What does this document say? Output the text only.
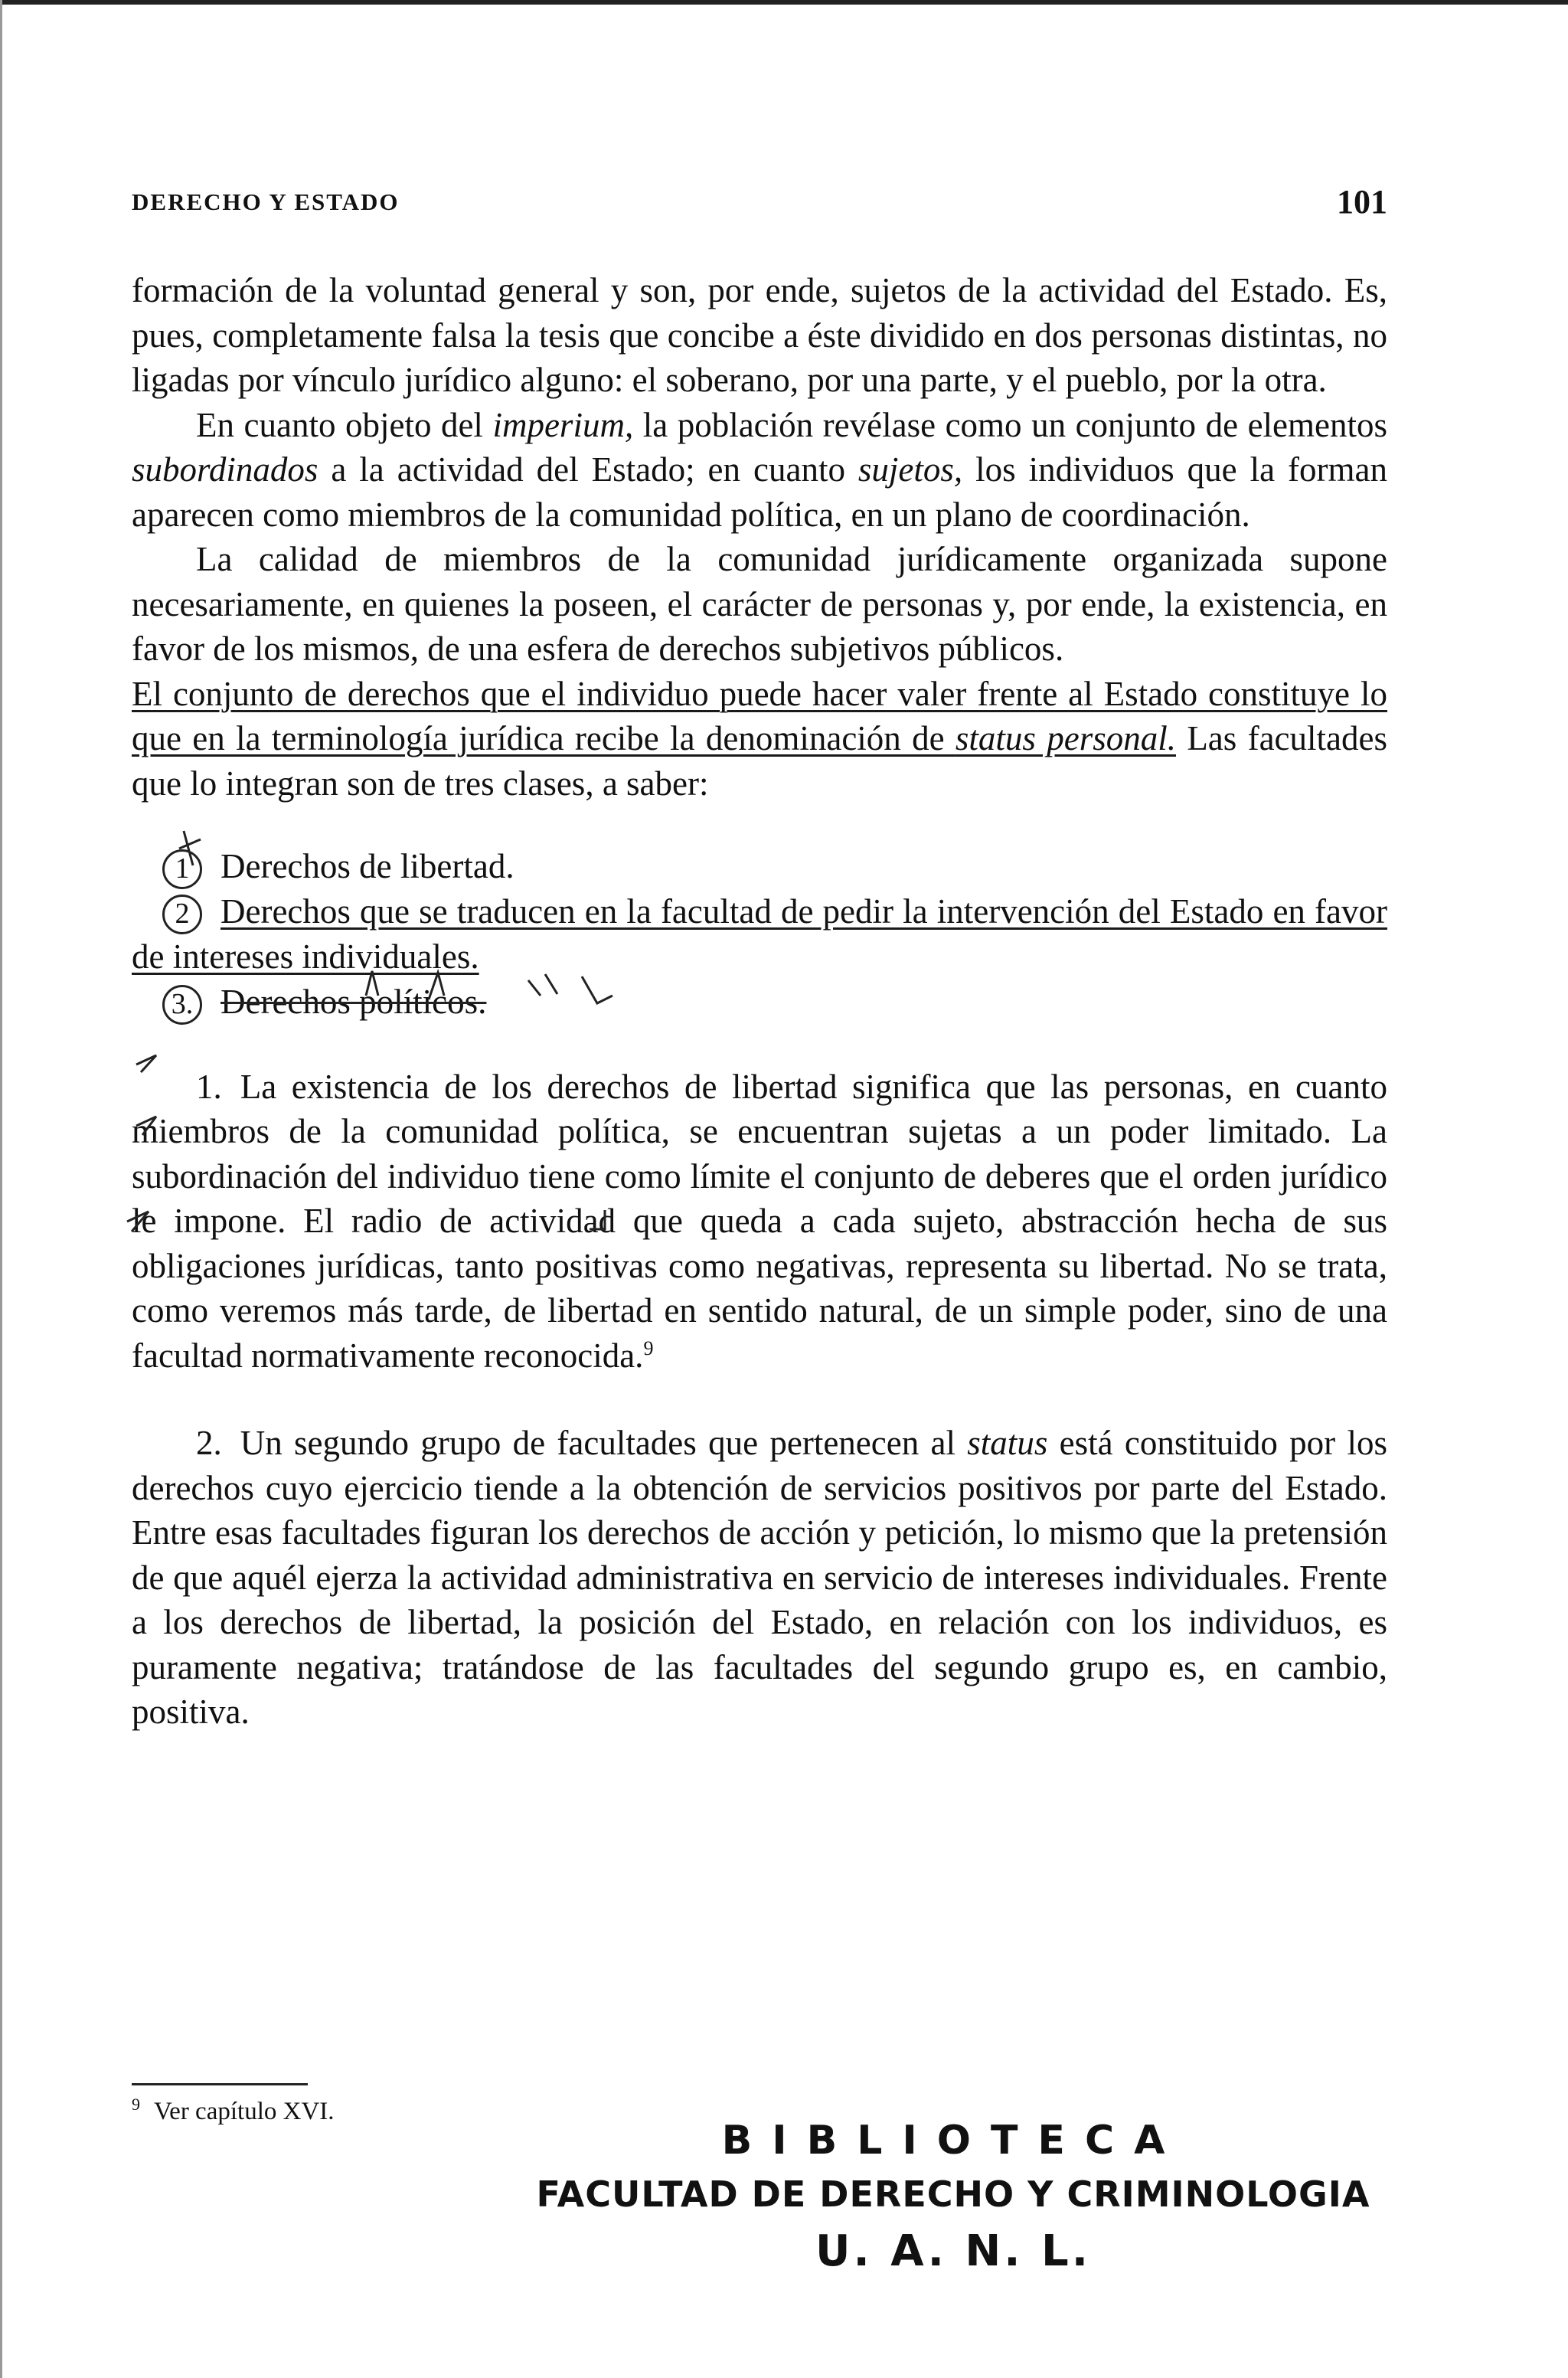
DERECHO Y ESTADO	101

formación de la voluntad general y son, por ende, sujetos de la actividad del Estado. Es, pues, completamente falsa la tesis que concibe a éste dividido en dos personas distintas, no ligadas por vínculo jurídico alguno: el soberano, por una parte, y el pueblo, por la otra.

En cuanto objeto del imperium, la población revélase como un conjunto de elementos subordinados a la actividad del Estado; en cuanto sujetos, los individuos que la forman aparecen como miembros de la comunidad política, en un plano de coordinación.

La calidad de miembros de la comunidad jurídicamente organizada supone necesariamente, en quienes la poseen, el carácter de personas y, por ende, la existencia, en favor de los mismos, de una esfera de derechos subjetivos públicos.

El conjunto de derechos que el individuo puede hacer valer frente al Estado constituye lo que en la terminología jurídica recibe la denominación de status personal. Las facultades que lo integran son de tres clases, a saber:

1 Derechos de libertad.

2 Derechos que se traducen en la facultad de pedir la intervención del Estado en favor de intereses individuales.

3. Derechos políticos.

1. La existencia de los derechos de libertad significa que las personas, en cuanto miembros de la comunidad política, se encuentran sujetas a un poder limitado. La subordinación del individuo tiene como límite el conjunto de deberes que el orden jurídico le impone. El radio de actividad que queda a cada sujeto, abstracción hecha de sus obligaciones jurídicas, tanto positivas como negativas, representa su libertad. No se trata, como veremos más tarde, de libertad en sentido natural, de un simple poder, sino de una facultad normativamente reconocida.$^9$

2. Un segundo grupo de facultades que pertenecen al status está constituido por los derechos cuyo ejercicio tiende a la obtención de servicios positivos por parte del Estado. Entre esas facultades figuran los derechos de acción y petición, lo mismo que la pretensión de que aquél ejerza la actividad administrativa en servicio de intereses individuales. Frente a los derechos de libertad, la posición del Estado, en relación con los individuos, es puramente negativa; tratándose de las facultades del segundo grupo es, en cambio, positiva.

$^9$ Ver capítulo XVI.
BIBLIOTECA
FACULTAD DE DERECHO Y CRIMINOLOGIA
U. A. N. L.
